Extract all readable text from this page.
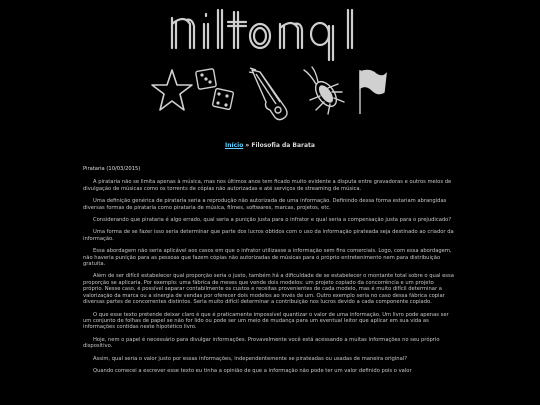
Início » Filosofia da Barata

Pirataria (10/03/2015)

A pirataria não se limita apenas à música, mas nos últimos anos tem ficado muito evidente a disputa entre gravadoras e outros meios de divulgação de músicas como os torrents de cópias não autorizadas e até serviços de streaming de música.

Uma definição genérica de pirataria seria a reprodução não autorizada de uma informação. Definindo dessa forma estariam abrangidas diversas formas de pirataria como pirataria de música, filmes, softwares, marcas, projetos, etc.

Considerando que pirataria é algo errado, qual seria a punição justa para o infrator e qual seria a compensação justa para o prejudicado?

Uma forma de se fazer isso seria determinar que parte dos lucros obtidos com o uso da informação pirateada seja destinado ao criador da informação.

Essa abordagem não seria aplicável aos casos em que o infrator utilizasse a informação sem fins comerciais. Logo, com essa abordagem, não haveria punição para as pessoas que fazem cópias não autorizadas de músicas para o próprio entretenimento nem para distribuição gratuita.

Além de ser difícil estabelecer qual proporção seria o justo, também há a dificuldade de se estabelecer o montante total sobre o qual essa proporção se aplicaria. Por exemplo: uma fábrica de meses que vende dois modelos: um projeto copiado da concorrência e um projeto próprio. Nesse caso, é possível separar contabilmente os custos e receitas provenientes de cada modelo, mas é muito difícil determinar a valorização da marca ou a sinergia de vendas por oferecer dois modelos ao invés de um. Outro exemplo seria no caso dessa fábrica copiar diversas partes de concorrentes distintos. Seria muito difícil determinar a contribuição nos lucros devido a cada componente copiado.

O que esse texto pretende deixar claro é que é praticamente impossível quantizar o valor de uma informação. Um livro pode apenas ser um conjunto de folhas de papel se não for lido ou pode ser um meio de mudança para um eventual leitor que aplicar em sua vida as informações contidas neste hipotético livro.

Hoje, nem o papel é necessário para divulgar informações. Provavelmente você está acessando a muitas informações no seu próprio dispositivo.

Assim, qual seria o valor justo por essas informações, independentemente se pirateadas ou usadas de maneira original?

Quando comecei a escrever esse texto eu tinha a opinião de que a informação não pode ter um valor definido pois o valor
